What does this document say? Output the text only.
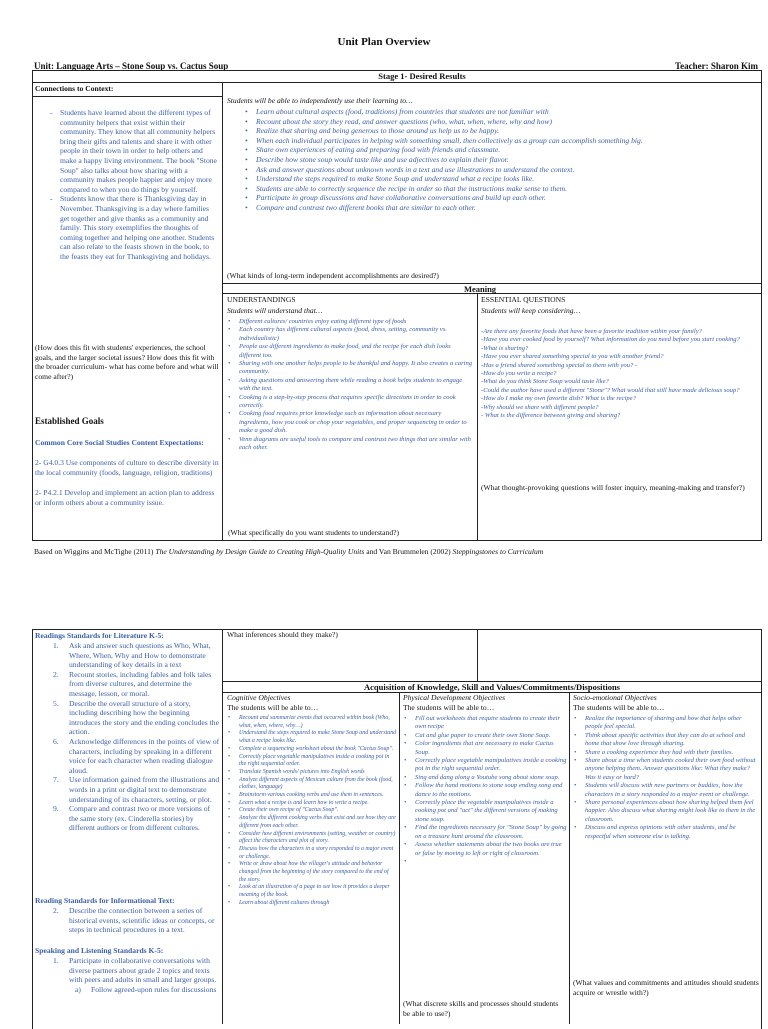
Unit Plan Overview
Unit: Language Arts – Stone Soup vs. Cactus Soup	Teacher: Sharon Kim
Stage 1- Desired Results
Connections to Context:
- Students have learned about the different types of community helpers that exist within their community. They know that all community helpers bring their gifts and talents and share it with other people in their town in order to help others and make a happy living environment. The book "Stone Soup" also talks about how sharing with a community makes people happier and enjoy more compared to when you do things by yourself.
- Students know that there is Thanksgiving day in November. Thanksgiving is a day where families get together and give thanks as a community and family. This story exemplifies the thoughts of coming together and helping one another. Students can also relate to the feasts shown in the book, to the feasts they eat for Thanksgiving and holidays.
(How does this fit with students' experiences, the school goals, and the larger societal issues? How does this fit with the broader curriculum- what has come before and what will come after?)
Established Goals
Common Core Social Studies Content Expectations:
2- G4.0.3 Use components of culture to describe diversity in the local community (foods, language, religion, traditions)
2- P4.2.1 Develop and implement an action plan to address or inform others about a community issue.
Students will be able to independently use their learning to…
• Learn about cultural aspects (food, traditions) from countries that students are not familiar with
• Recount about the story they read, and answer questions (who, what, when, where, why and how)
• Realize that sharing and being generous to those around us help us to be happy.
• When each individual participates in helping with something small, then collectively as a group can accomplish something big.
• Share own experiences of eating and preparing food with friends and classmate.
• Describe how stone soup would taste like and use adjectives to explain their flavor.
• Ask and answer questions about unknown words in a text and use illustrations to understand the context.
• Understand the steps required to make Stone Soup and understand what a recipe looks like.
• Students are able to correctly sequence the recipe in order so that the instructions make sense to them.
• Participate in group discussions and have collaborative conversations and build up each other.
• Compare and contrast two different books that are similar to each other.
(What kinds of long-term independent accomplishments are desired?)
Meaning
UNDERSTANDINGS
Students will understand that…
• Different cultures/ countries enjoy eating different type of foods
• Each country has different cultural aspects (food, dress, setting, community vs. individualistic)
• People use different ingredients to make food, and the recipe for each dish looks different too.
• Sharing with one another helps people to be thankful and happy. It also creates a caring community.
• Asking questions and answering them while reading a book helps students to engage with the text.
• Cooking is a step-by-step process that requires specific directions in order to cook correctly.
• Cooking food requires prior knowledge such as information about necessary ingredients, how you cook or chop your vegetables, and proper sequencing in order to make a good dish.
• Venn diagrams are useful tools to compare and contrast two things that are similar with each other.
(What specifically do you want students to understand?)
ESSENTIAL QUESTIONS
Students will keep considering…
-Are there any favorite foods that have been a favorite tradition within your family?
-Have you ever cooked food by yourself? What information do you need before you start cooking?
-What is sharing?
-Have you ever shared something special to you with another friend?
-Has a friend shared something special to them with you? -
-How do you write a recipe?
-What do you think Stone Soup would taste like?
-Could the author have used a different "Stone"? What would that still have made delicious soup?
-How do I make my own favorite dish? What is the recipe?
-Why should we share with different people?
- What is the difference between giving and sharing?
(What thought-provoking questions will foster inquiry, meaning-making and transfer?)
Based on Wiggins and McTighe (2011) The Understanding by Design Guide to Creating High-Quality Units and Van Brummelen (2002) Steppingstones to Curriculum
Readings Standards for Literature K-5:
1. Ask and answer such questions as Who, What, Where, When, Why and How to demonstrate understanding of key details in a text
2. Recount stories, including fables and folk tales from diverse cultures, and determine the message, lesson, or moral.
5. Describe the overall structure of a story, including describing how the beginning introduces the story and the ending concludes the action.
6. Acknowledge differences in the points of view of characters, including by speaking in a different voice for each character when reading dialogue aloud.
7. Use information gained from the illustrations and words in a print or digital text to demonstrate understanding of its characters, setting, or plot.
9. Compare and contrast two or more versions of the same story (ex. Cinderella stories) by different authors or from different cultures.
Reading Standards for Informational Text:
2. Describe the connection between a series of historical events, scientific ideas or concepts, or steps in technical procedures in a text.
Speaking and Listening Standards K-5:
1. Participate in collaborative conversations with diverse partners about grade 2 topics and texts with peers and adults in small and larger groups.
a) Follow agreed-upon rules for discussions
What inferences should they make?)
Acquisition of Knowledge, Skill and Values/Commitments/Dispositions
Cognitive Objectives
The students will be able to…
• Recount and summarize events that occurred within book (Who, what, when, where, why…)
• Understand the steps required to make Stone Soup and understand what a recipe looks like.
• Complete a sequencing worksheet about the book "Cactus Soup".
• Correctly place vegetable manipulatives inside a cooking pot in the right sequential order.
• Translate Spanish words/ pictures into English words
• Analyze different aspects of Mexican culture from the book (food, clothes, language)
• Brainstorm various cooking verbs and use them in sentences.
• Learn what a recipe is and learn how to write a recipe.
• Create their own recipe of "Cactus Soup".
• Analyze the different cooking verbs that exist and see how they are different from each other.
• Consider how different environments (setting, weather or country) affect the characters and plot of story.
• Discuss how the characters in a story responded to a major event or challenge.
• Write or draw about how the villager's attitude and behavior changed from the beginning of the story compared to the end of the story.
• Look at an illustration of a page to see how it provides a deeper meaning of the book.
• Learn about different cultures through
Physical Development Objectives
The students will be able to…
• Fill out worksheets that require students to create their own recipe
• Cut and glue paper to create their own Stone Soup.
• Color ingredients that are necessary to make Cactus Soup.
• Correctly place vegetable manipulatives inside a cooking pot in the right sequential order.
• Sing and dang along a Youtube song about stone soup.
• Follow the hand motions to stone soup ending song and dance to the motions.
• Correctly place the vegetable manipulatives inside a cooking pot and "act" the different versions of making stone soup.
• Find the ingredients necessary for "Stone Soup" by going on a treasure hunt around the classroom.
• Assess whether statements about the two books are true or false by moving to left or right of classroom.
(What discrete skills and processes should students be able to use?)
Socio-emotional Objectives
The students will be able to…
• Realize the importance of sharing and how that helps other people feel special.
• Think about specific activities that they can do at school and home that show love through sharing.
• Share a cooking experience they had with their families.
• Share about a time when students cooked their own food without anyone helping them. Answer questions like: What they make? Was it easy or hard?
• Students will discuss with new partners or buddies, how the characters in a story responded to a major event or challenge.
• Share personal experiences about how sharing helped them feel happier. Also discuss what sharing might look like to them in the classroom.
• Discuss and express opinions with other students, and be respectful when someone else is talking.
(What values and commitments and attitudes should students acquire or wrestle with?)
